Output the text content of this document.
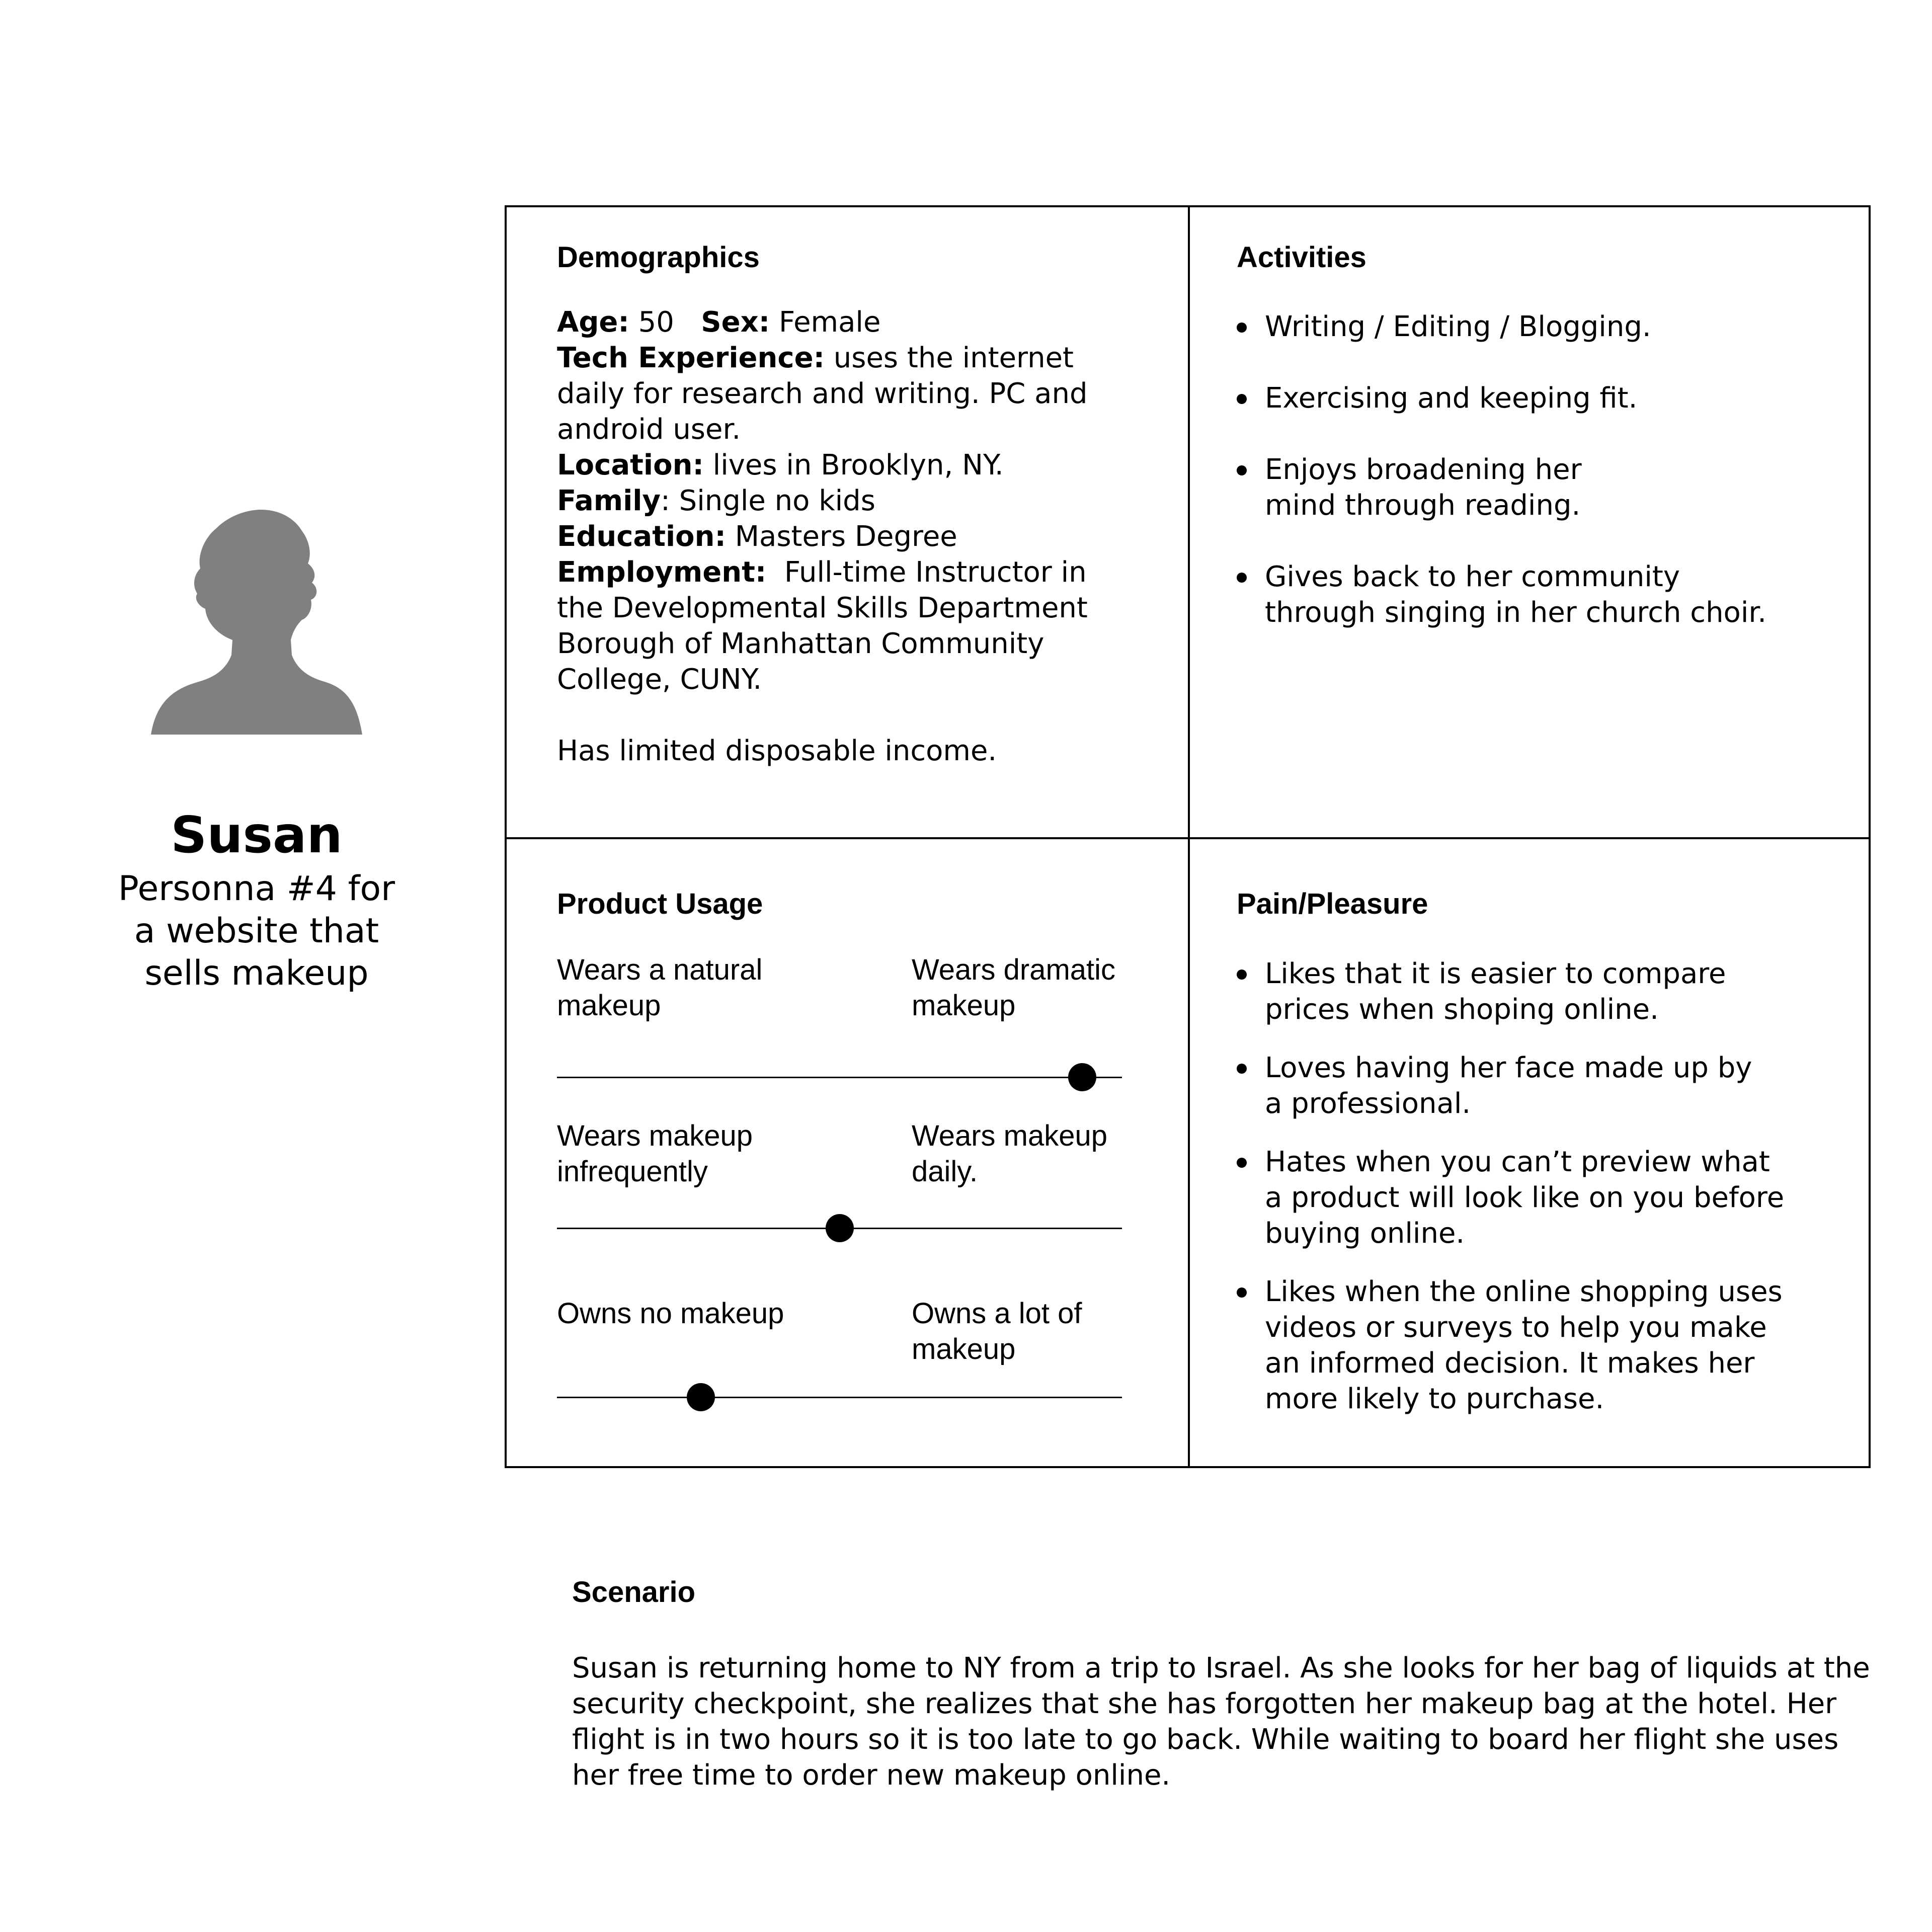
Susan
Personna #4 for
a website that
sells makeup
Demographics

Age: 50 Sex: Female

Tech Experience: uses the internet daily for research and writing. PC and android user.

Location: lives in Brooklyn, NY.

Family: Single no kids

Education: Masters Degree

Employment: Full-time Instructor in the Developmental Skills Department Borough of Manhattan Community College, CUNY.

Has limited disposable income.

Activities
Writing / Editing / Blogging.
Exercising and keeping fit.
Enjoys broadening her mind through reading.
Gives back to her community through singing in her church choir.
Product Usage
Wears a natural
makeup
Wears dramatic
makeup
Wears makeup
infrequently
Wears makeup
daily.
Owns no makeup	Owns a lot of
makeup
Pain/Pleasure
Likes that it is easier to compare prices when shoping online.
Loves having her face made up by a professional.
Hates when you can’t preview what a product will look like on you before buying online.
Likes when the online shopping uses videos or surveys to help you make an informed decision. It makes her more likely to purchase.
Scenario
Susan is returning home to NY from a trip to Israel. As she looks for her bag of liquids at the security checkpoint, she realizes that she has forgotten her makeup bag at the hotel. Her flight is in two hours so it is too late to go back. While waiting to board her flight she uses her free time to order new makeup online.
